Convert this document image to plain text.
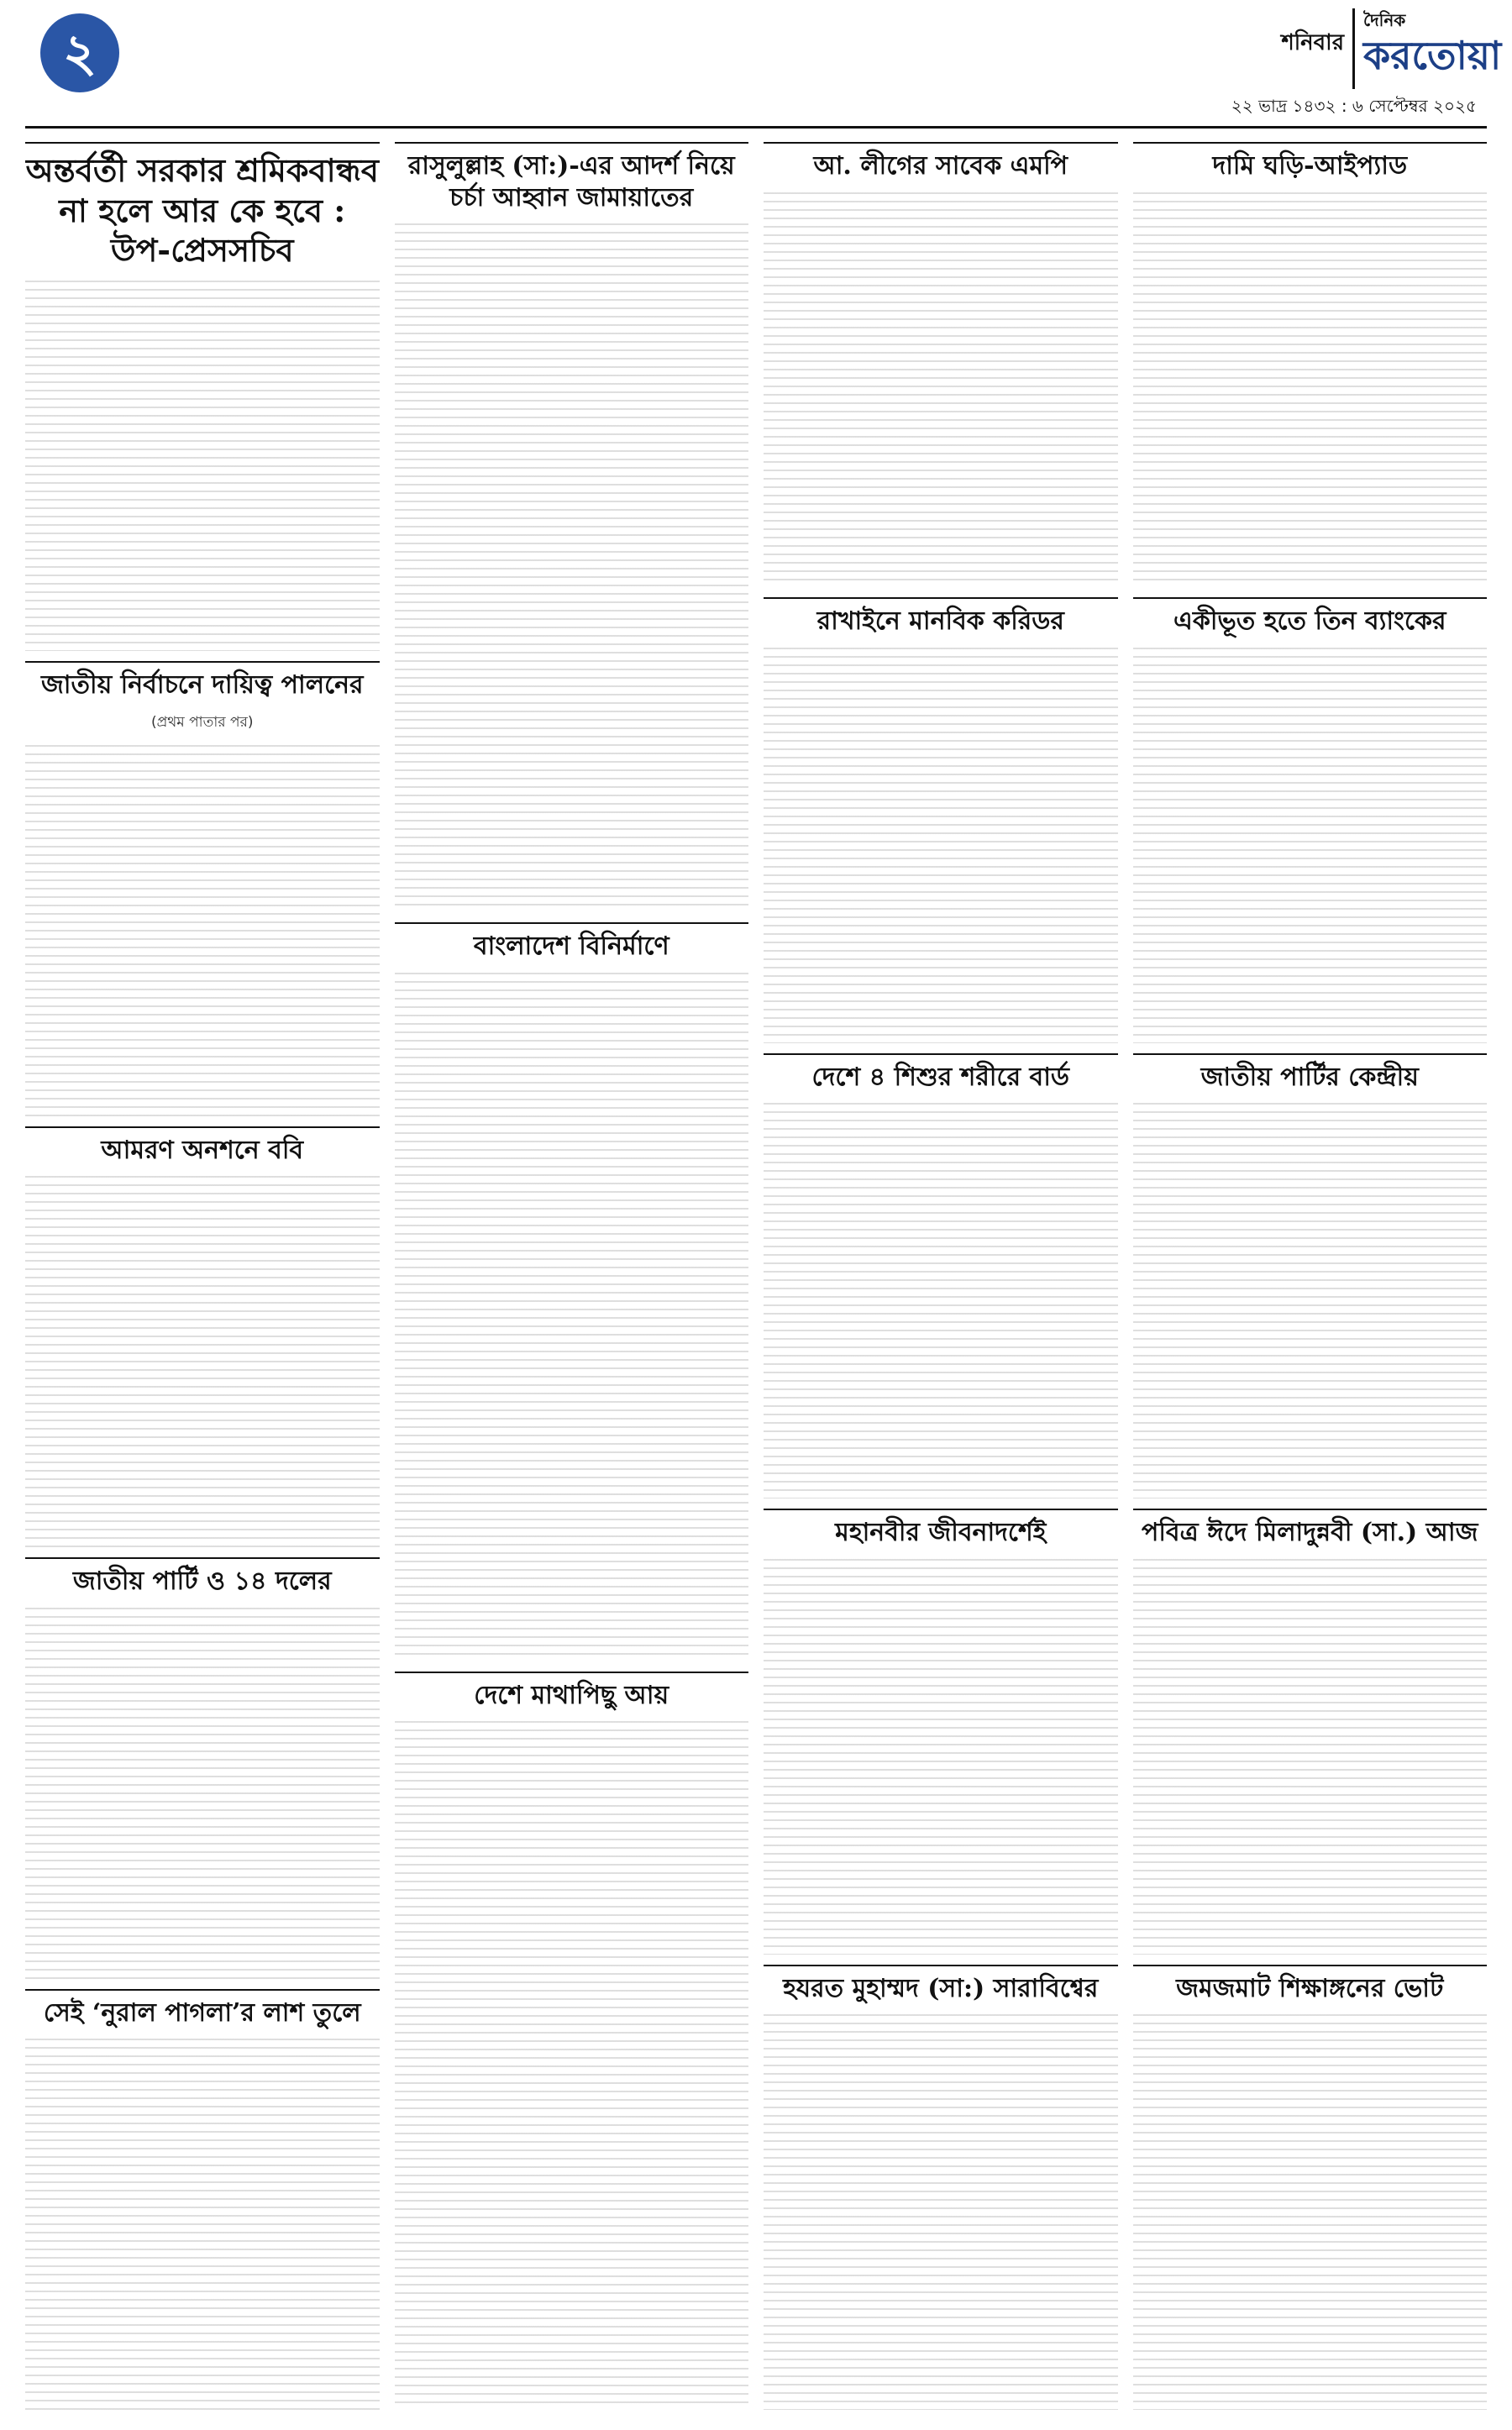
২	শনিবার
দৈনিক
করতোয়া
২২ ভাদ্র ১৪৩২ : ৬ সেপ্টেম্বর ২০২৫
অন্তর্বর্তী সরকার শ্রমিকবান্ধব না হলে আর কে হবে : উপ-প্রেসসচিব
জাতীয় নির্বাচনে দায়িত্ব পালনের
(প্রথম পাতার পর)
আমরণ অনশনে ববি
জাতীয় পার্টি ও ১৪ দলের
সেই ‘নুরাল পাগলা’র লাশ তুলে
রাসুলুল্লাহ (সা:)-এর আদর্শ নিয়ে চর্চা আহ্বান জামায়াতের
বাংলাদেশ বিনির্মাণে
দেশে মাথাপিছু আয়
আ. লীগের সাবেক এমপি
রাখাইনে মানবিক করিডর
দেশে ৪ শিশুর শরীরে বার্ড
মহানবীর জীবনাদর্শেই
হযরত মুহাম্মদ (সা:) সারাবিশ্বের
দামি ঘড়ি-আইপ্যাড
একীভূত হতে তিন ব্যাংকের
জাতীয় পার্টির কেন্দ্রীয়
পবিত্র ঈদে মিলাদুন্নবী (সা.) আজ
জমজমাট শিক্ষাঙ্গনের ভোট
